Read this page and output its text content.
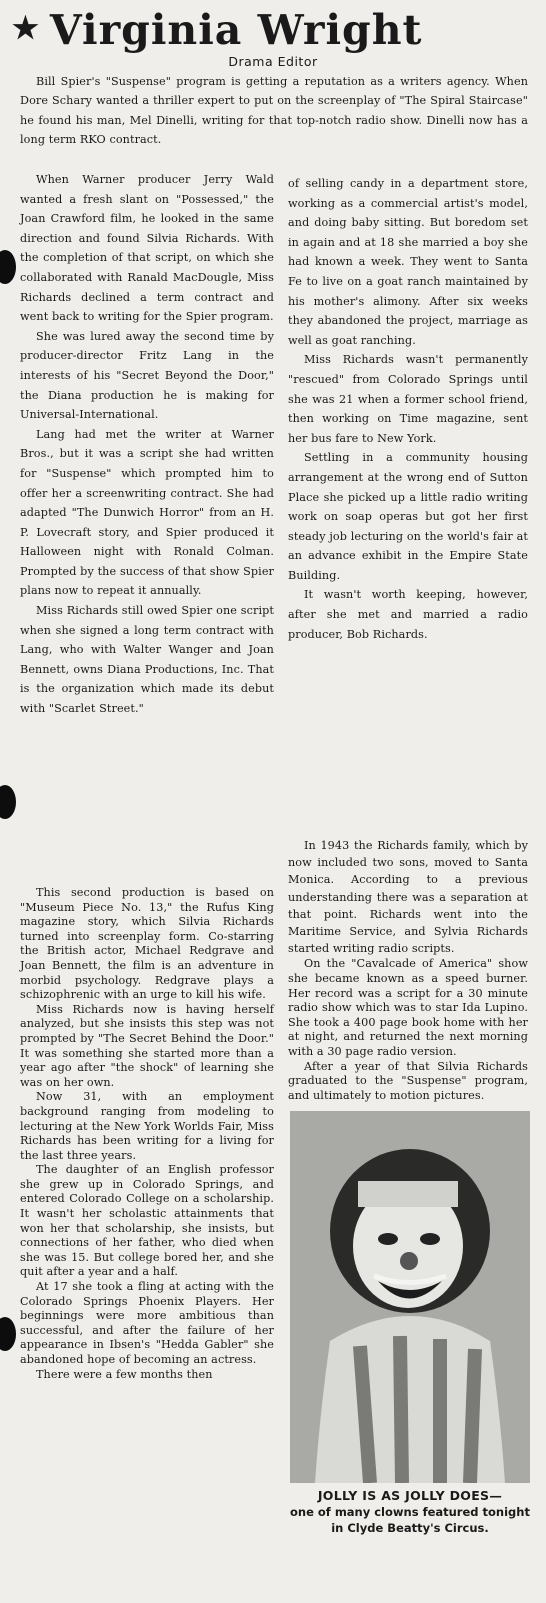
★ Virginia Wright
Drama Editor

Bill Spier's "Suspense" program is getting a reputation as a writers agency. When Dore Schary wanted a thriller expert to put on the screenplay of "The Spiral Staircase" he found his man, Mel Dinelli, writing for that top-notch radio show. Dinelli now has a long term RKO contract.

When Warner producer Jerry Wald wanted a fresh slant on "Possessed," the Joan Crawford film, he looked in the same direction and found Silvia Richards. With the completion of that script, on which she collaborated with Ranald MacDougle, Miss Richards declined a term contract and went back to writing for the Spier program.

She was lured away the second time by producer-director Fritz Lang in the interests of his "Secret Beyond the Door," the Diana production he is making for Universal-International.

Lang had met the writer at Warner Bros., but it was a script she had written for "Suspense" which prompted him to offer her a screenwriting contract. She had adapted "The Dunwich Horror" from an H. P. Lovecraft story, and Spier produced it Halloween night with Ronald Colman. Prompted by the success of that show Spier plans now to repeat it annually.

Miss Richards still owed Spier one script when she signed a long term contract with Lang, who with Walter Wanger and Joan Bennett, owns Diana Productions, Inc. That is the organization which made its debut with "Scarlet Street."

This second production is based on "Museum Piece No. 13," the Rufus King magazine story, which Silvia Richards turned into screenplay form. Co-starring the British actor, Michael Redgrave and Joan Bennett, the film is an adventure in morbid psychology. Redgrave plays a schizophrenic with an urge to kill his wife.

Miss Richards now is having herself analyzed, but she insists this step was not prompted by "The Secret Behind the Door." It was something she started more than a year ago after "the shock" of learning she was on her own.

Now 31, with an employment background ranging from modeling to lecturing at the New York Worlds Fair, Miss Richards has been writing for a living for the last three years.

The daughter of an English professor she grew up in Colorado Springs, and entered Colorado College on a scholarship. It wasn't her scholastic attainments that won her that scholarship, she insists, but connections of her father, who died when she was 15. But college bored her, and she quit after a year and a half.

At 17 she took a fling at acting with the Colorado Springs Phoenix Players. Her beginnings were more ambitious than successful, and after the failure of her appearance in Ibsen's "Hedda Gabler" she abandoned hope of becoming an actress.

There were a few months then

of selling candy in a department store, working as a commercial artist's model, and doing baby sitting. But boredom set in again and at 18 she married a boy she had known a week. They went to Santa Fe to live on a goat ranch maintained by his mother's alimony. After six weeks they abandoned the project, marriage as well as goat ranching.

Miss Richards wasn't permanently "rescued" from Colorado Springs until she was 21 when a former school friend, then working on Time magazine, sent her bus fare to New York.

Settling in a community housing arrangement at the wrong end of Sutton Place she picked up a little radio writing work on soap operas but got her first steady job lecturing on the world's fair at an advance exhibit in the Empire State Building.

It wasn't worth keeping, however, after she met and married a radio producer, Bob Richards.

In 1943 the Richards family, which by now included two sons, moved to Santa Monica. According to a previous understanding there was a separation at that point. Richards went into the Maritime Service, and Sylvia Richards started writing radio scripts.

On the "Cavalcade of America" show she became known as a speed burner. Her record was a script for a 30 minute radio show which was to star Ida Lupino. She took a 400 page book home with her at night, and returned the next morning with a 30 page radio version.

After a year of that Silvia Richards graduated to the "Suspense" program, and ultimately to motion pictures.

JOLLY IS AS JOLLY DOES—
one of many clowns featured tonight in Clyde Beatty's Circus.
